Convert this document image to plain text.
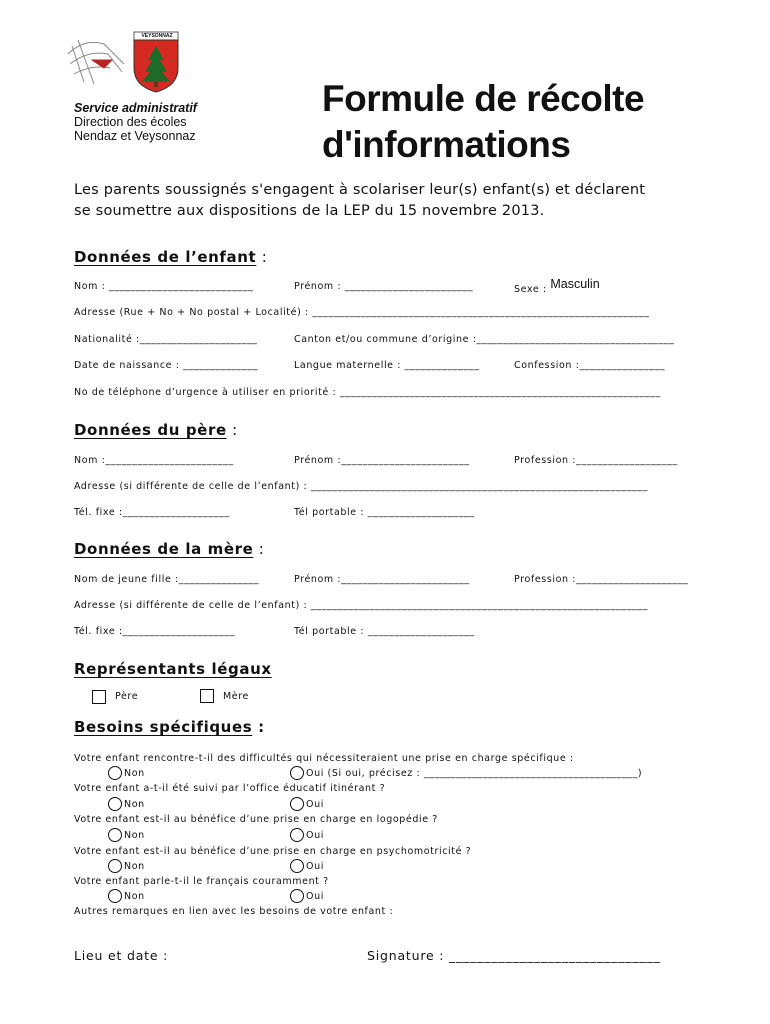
VEYSONNAZ
Service administratif
Direction des écoles
Nendaz et Veysonnaz
Formule de récolte
d'informations
Les parents soussignés s'engagent à scolariser leur(s) enfant(s) et déclarent
se soumettre aux dispositions de la LEP du 15 novembre 2013.
Données de l’enfant :
Nom : ___________________________	Prénom : ________________________	Sexe : Masculin
Adresse (Rue + No + No postal + Localité) : _______________________________________________________________
Nationalité :______________________	Canton et/ou commune d’origine :_____________________________________
Date de naissance : ______________	Langue maternelle : ______________	Confession :________________
No de téléphone d’urgence à utiliser en priorité : ____________________________________________________________
Données du père :
Nom :________________________	Prénom :________________________	Profession :___________________
Adresse (si différente de celle de l’enfant) : _______________________________________________________________
Tél. fixe :____________________	Tél portable : ____________________
Données de la mère :
Nom de jeune fille :_______________	Prénom :________________________	Profession :_____________________
Adresse (si différente de celle de l’enfant) : _______________________________________________________________
Tél. fixe :_____________________	Tél portable : ____________________
Représentants légaux
Père	Mère
Besoins spécifiques :
Votre enfant rencontre-t-il des difficultés qui nécessiteraient une prise en charge spécifique :
Non	Oui (Si oui, précisez : ________________________________________)
Votre enfant a-t-il été suivi par l’office éducatif itinérant ?
Non	Oui
Votre enfant est-il au bénéfice d’une prise en charge en logopédie ?
Non	Oui
Votre enfant est-il au bénéfice d’une prise en charge en psychomotricité ?
Non	Oui
Votre enfant parle-t-il le français couramment ?
Non	Oui
Autres remarques en lien avec les besoins de votre enfant :
Lieu et date :	Signature : ______________________________
